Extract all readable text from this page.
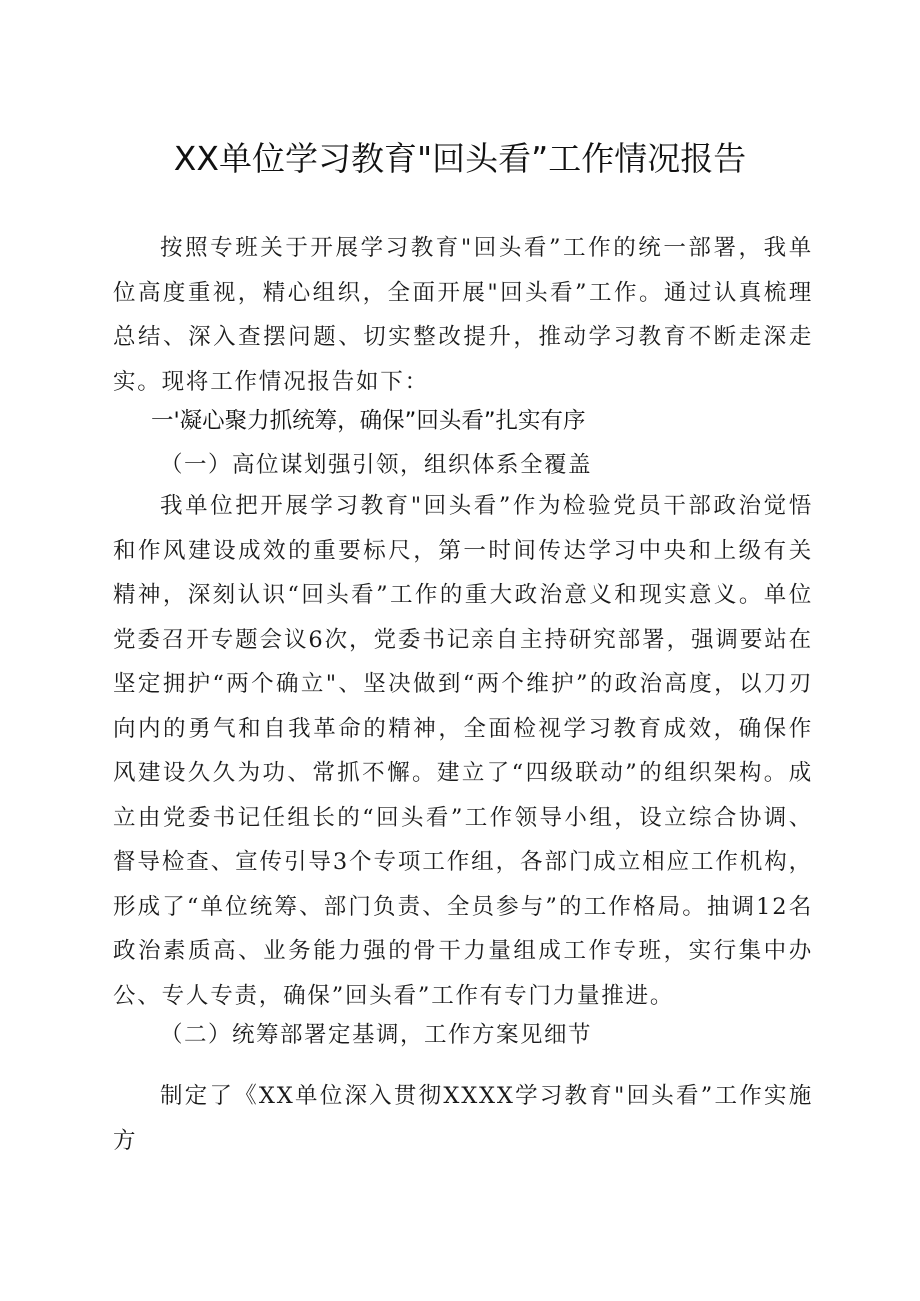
XX单位学习教育"回头看”工作情况报告

按照专班关于开展学习教育"回头看”工作的统一部署，我单位高度重视，精心组织，全面开展"回头看”工作。通过认真梳理总结、深入查摆问题、切实整改提升，推动学习教育不断走深走实。现将工作情况报告如下：

一'凝心聚力抓统筹，确保”回头看”扎实有序
（一）高位谋划强引领，组织体系全覆盖

我单位把开展学习教育"回头看”作为检验党员干部政治觉悟和作风建设成效的重要标尺，第一时间传达学习中央和上级有关精神，深刻认识“回头看”工作的重大政治意义和现实意义。单位党委召开专题会议6次，党委书记亲自主持研究部署，强调要站在坚定拥护“两个确立"、坚决做到“两个维护”的政治高度，以刀刃向内的勇气和自我革命的精神，全面检视学习教育成效，确保作风建设久久为功、常抓不懈。建立了“四级联动”的组织架构。成立由党委书记任组长的“回头看”工作领导小组，设立综合协调、督导检查、宣传引导3个专项工作组，各部门成立相应工作机构，形成了“单位统筹、部门负责、全员参与”的工作格局。抽调12名政治素质高、业务能力强的骨干力量组成工作专班，实行集中办公、专人专责，确保”回头看”工作有专门力量推进。

（二）统筹部署定基调，工作方案见细节

制定了《XX单位深入贯彻XXXX学习教育"回头看”工作实施方
